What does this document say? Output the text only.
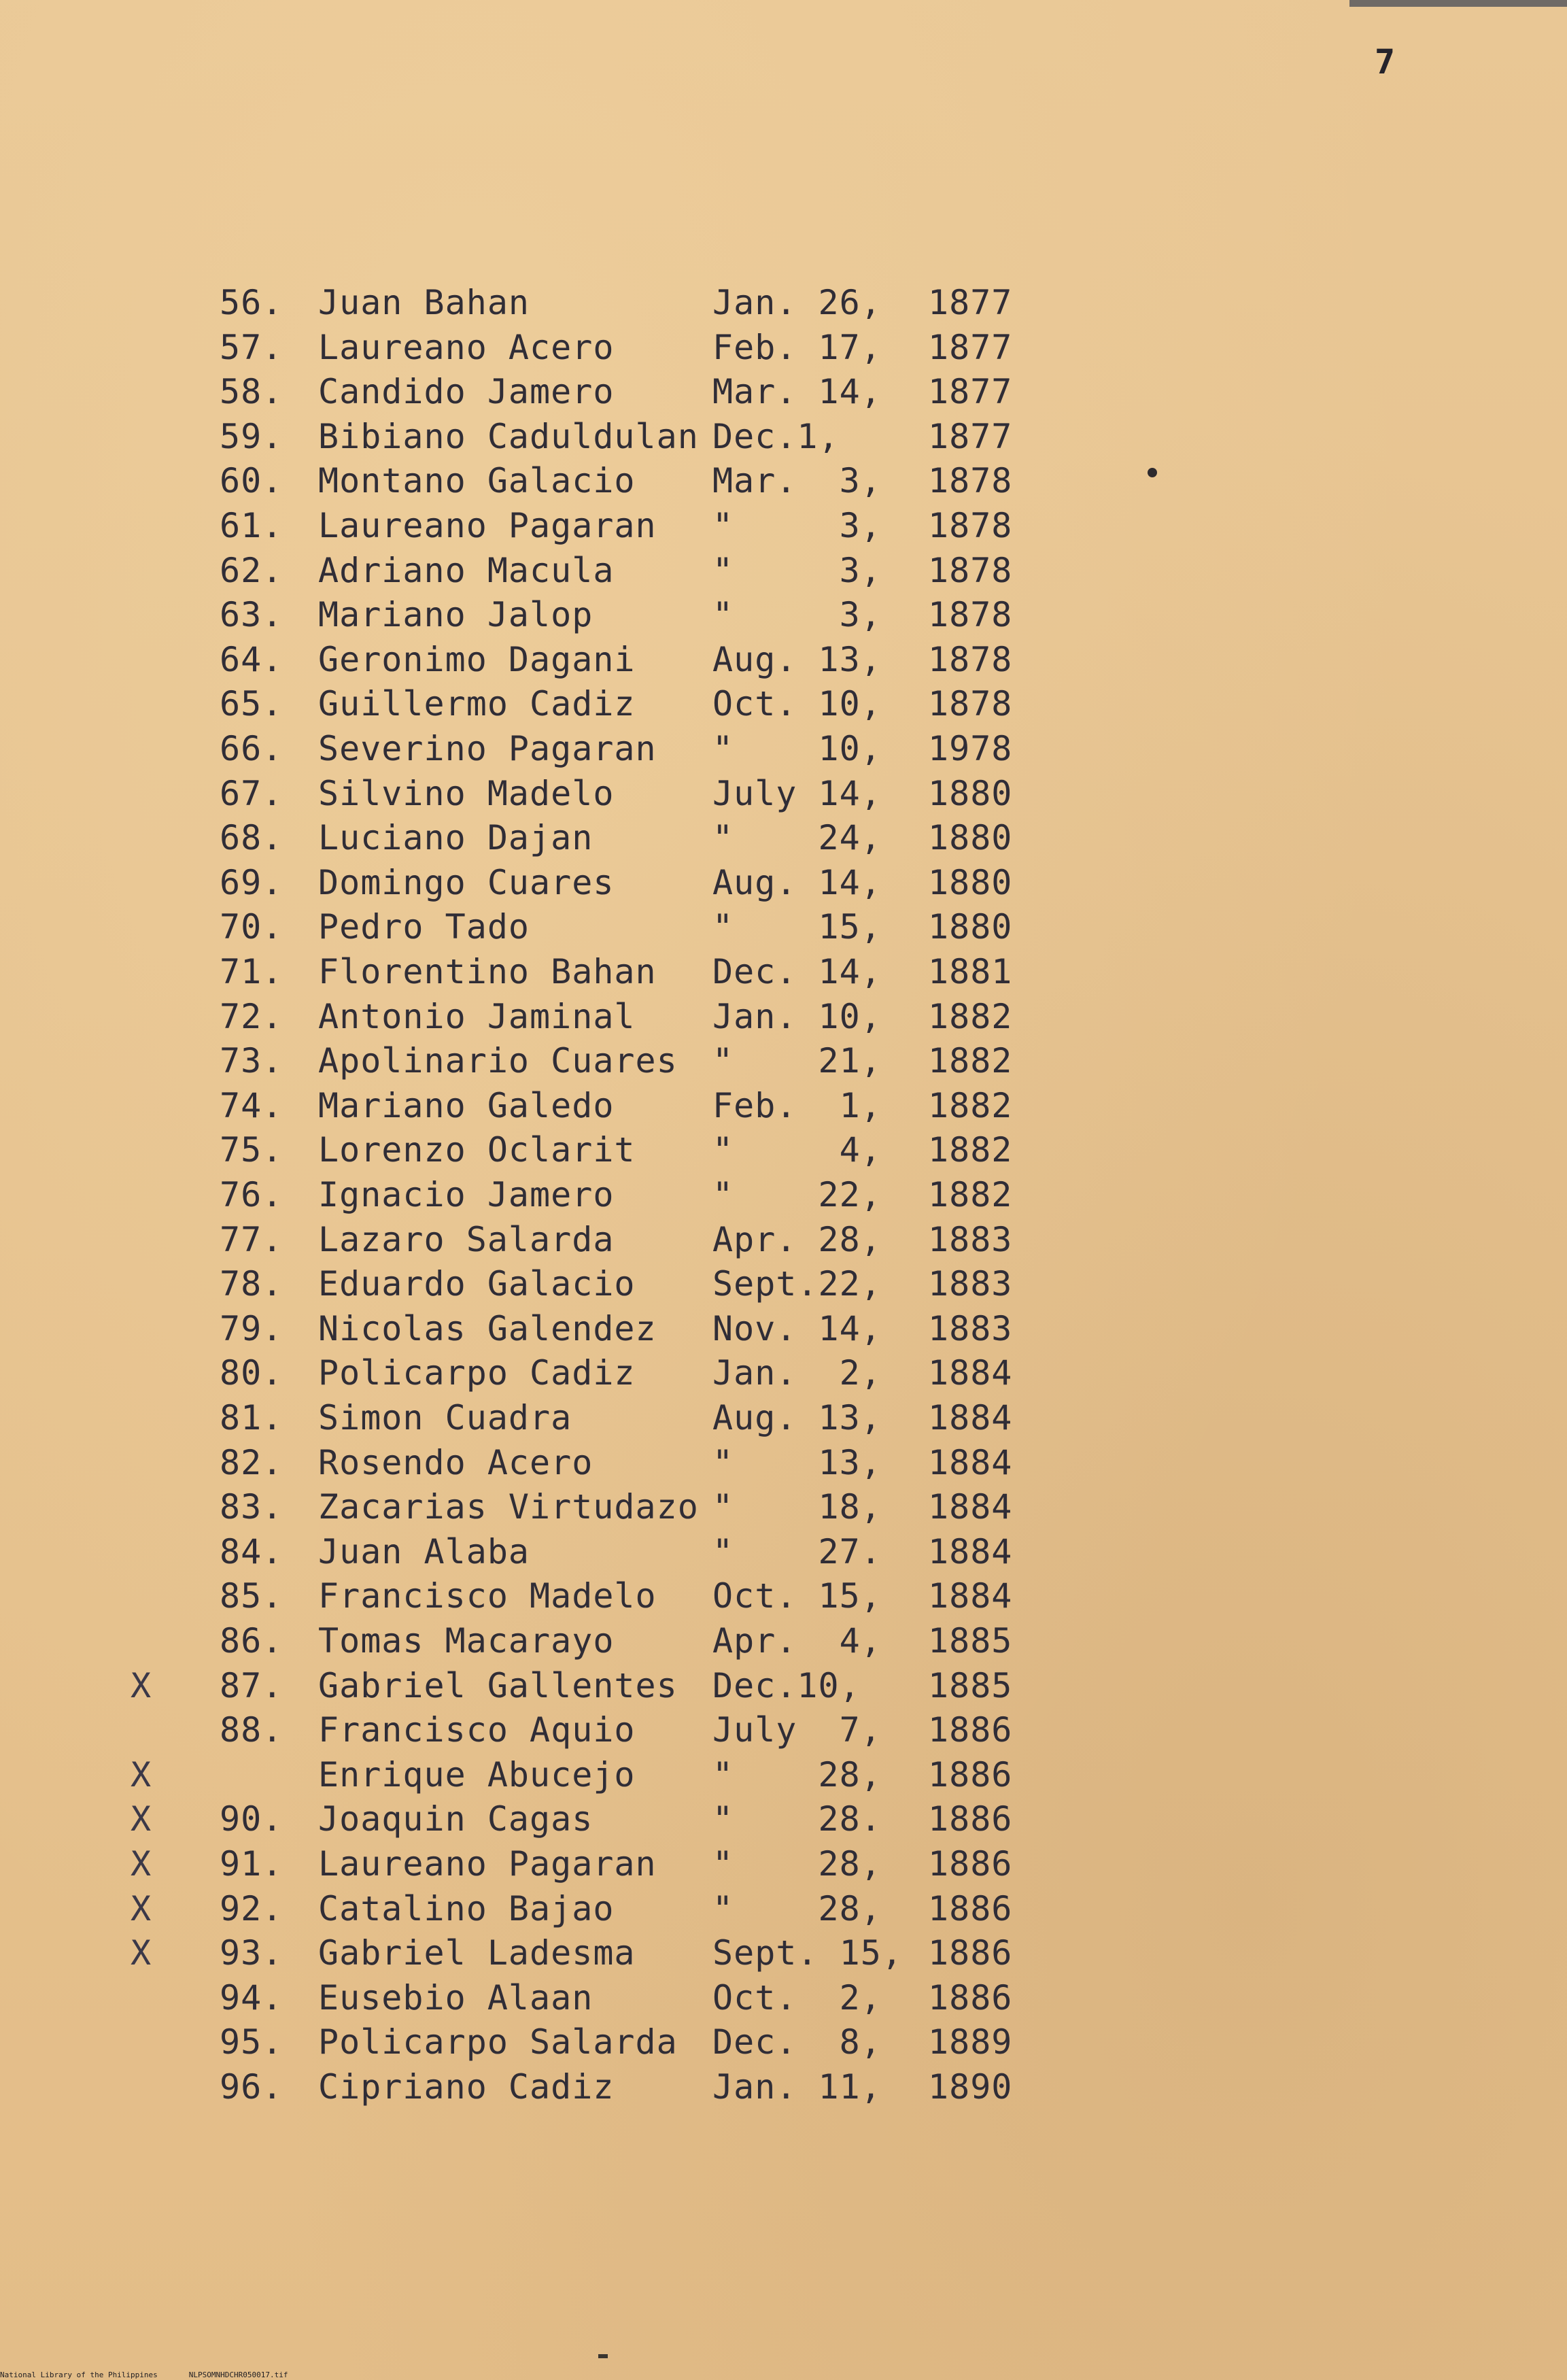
7
56. Juan Bahan	Jan. 26, 1877
57. Laureano Acero	Feb. 17, 1877
58. Candido Jamero	Mar. 14, 1877
59. Bibiano Caduldulan Dec.1,	1877
60. Montano Galacio Mar.  3, 1878
61. Laureano Pagaran "     3, 1878
62. Adriano Macula	"     3, 1878
63. Mariano Jalop	"     3, 1878
64. Geronimo Dagani Aug. 13, 1878
65. Guillermo Cadiz Oct. 10, 1878
66. Severino Pagaran "    10, 1978
67. Silvino Madelo	July 14, 1880
68. Luciano Dajan	"    24, 1880
69. Domingo Cuares	Aug. 14, 1880
70. Pedro Tado	"    15, 1880
71. Florentino Bahan Dec. 14, 1881
72. Antonio Jaminal Jan. 10, 1882
73. Apolinario Cuares "    21, 1882
74. Mariano Galedo	Feb.  1, 1882
75. Lorenzo Oclarit "     4, 1882
76. Ignacio Jamero	"    22, 1882
77. Lazaro Salarda	Apr. 28, 1883
78. Eduardo Galacio Sept.22, 1883
79. Nicolas Galendez Nov. 14, 1883
80. Policarpo Cadiz Jan.  2, 1884
81. Simon Cuadra	Aug. 13, 1884
82. Rosendo Acero	"    13, 1884
83. Zacarias Virtudazo "    18, 1884
84. Juan Alaba	"    27. 1884
85. Francisco Madelo Oct. 15, 1884
86. Tomas Macarayo	Apr.  4, 1885
X 87. Gabriel Gallentes Dec.10, 1885
88. Francisco Aquio July  7, 1886
X	Enrique Abucejo "    28, 1886
X 90. Joaquin Cagas	"    28. 1886
X 91. Laureano Pagaran "    28, 1886
X 92. Catalino Bajao	"    28, 1886
X 93. Gabriel Ladesma Sept. 15, 1886
94. Eusebio Alaan	Oct.  2, 1886
95. Policarpo Salarda Dec.  8, 1889
96. Cipriano Cadiz	Jan. 11, 1890
National Library of the Philippines	NLPSOMNHDCHR050017.tif
